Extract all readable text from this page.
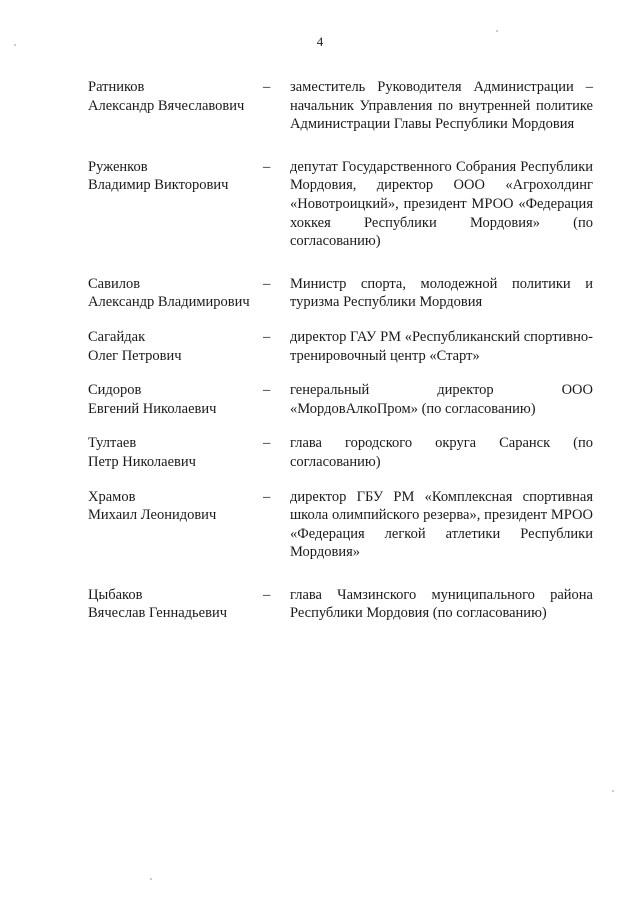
4
Ратников
Александр Вячеславович
–	заместитель Руководителя Администрации – начальник Управления по внутренней политике Администрации Главы Республики Мордовия
Руженков
Владимир Викторович
–	депутат Государственного Собрания Республики Мордовия, директор ООО «Агрохолдинг «Новотроицкий», президент МРОО «Федерация хоккея Республики Мордовия» (по согласованию)
Савилов
Александр Владимирович
–	Министр спорта, молодежной политики и туризма Республики Мордовия
Сагайдак
Олег Петрович
–	директор ГАУ РМ «Республиканский спортивно-тренировочный центр «Старт»
Сидоров
Евгений Николаевич
–	генеральный директор ООО «МордовАлкоПром» (по согласованию)
Тултаев
Петр Николаевич
–	глава городского округа Саранск (по согласованию)
Храмов
Михаил Леонидович
–	директор ГБУ РМ «Комплексная спортивная школа олимпийского резерва», президент МРОО «Федерация легкой атлетики Республики Мордовия»
Цыбаков
Вячеслав Геннадьевич
–	глава Чамзинского муниципального района Республики Мордовия (по согласованию)
